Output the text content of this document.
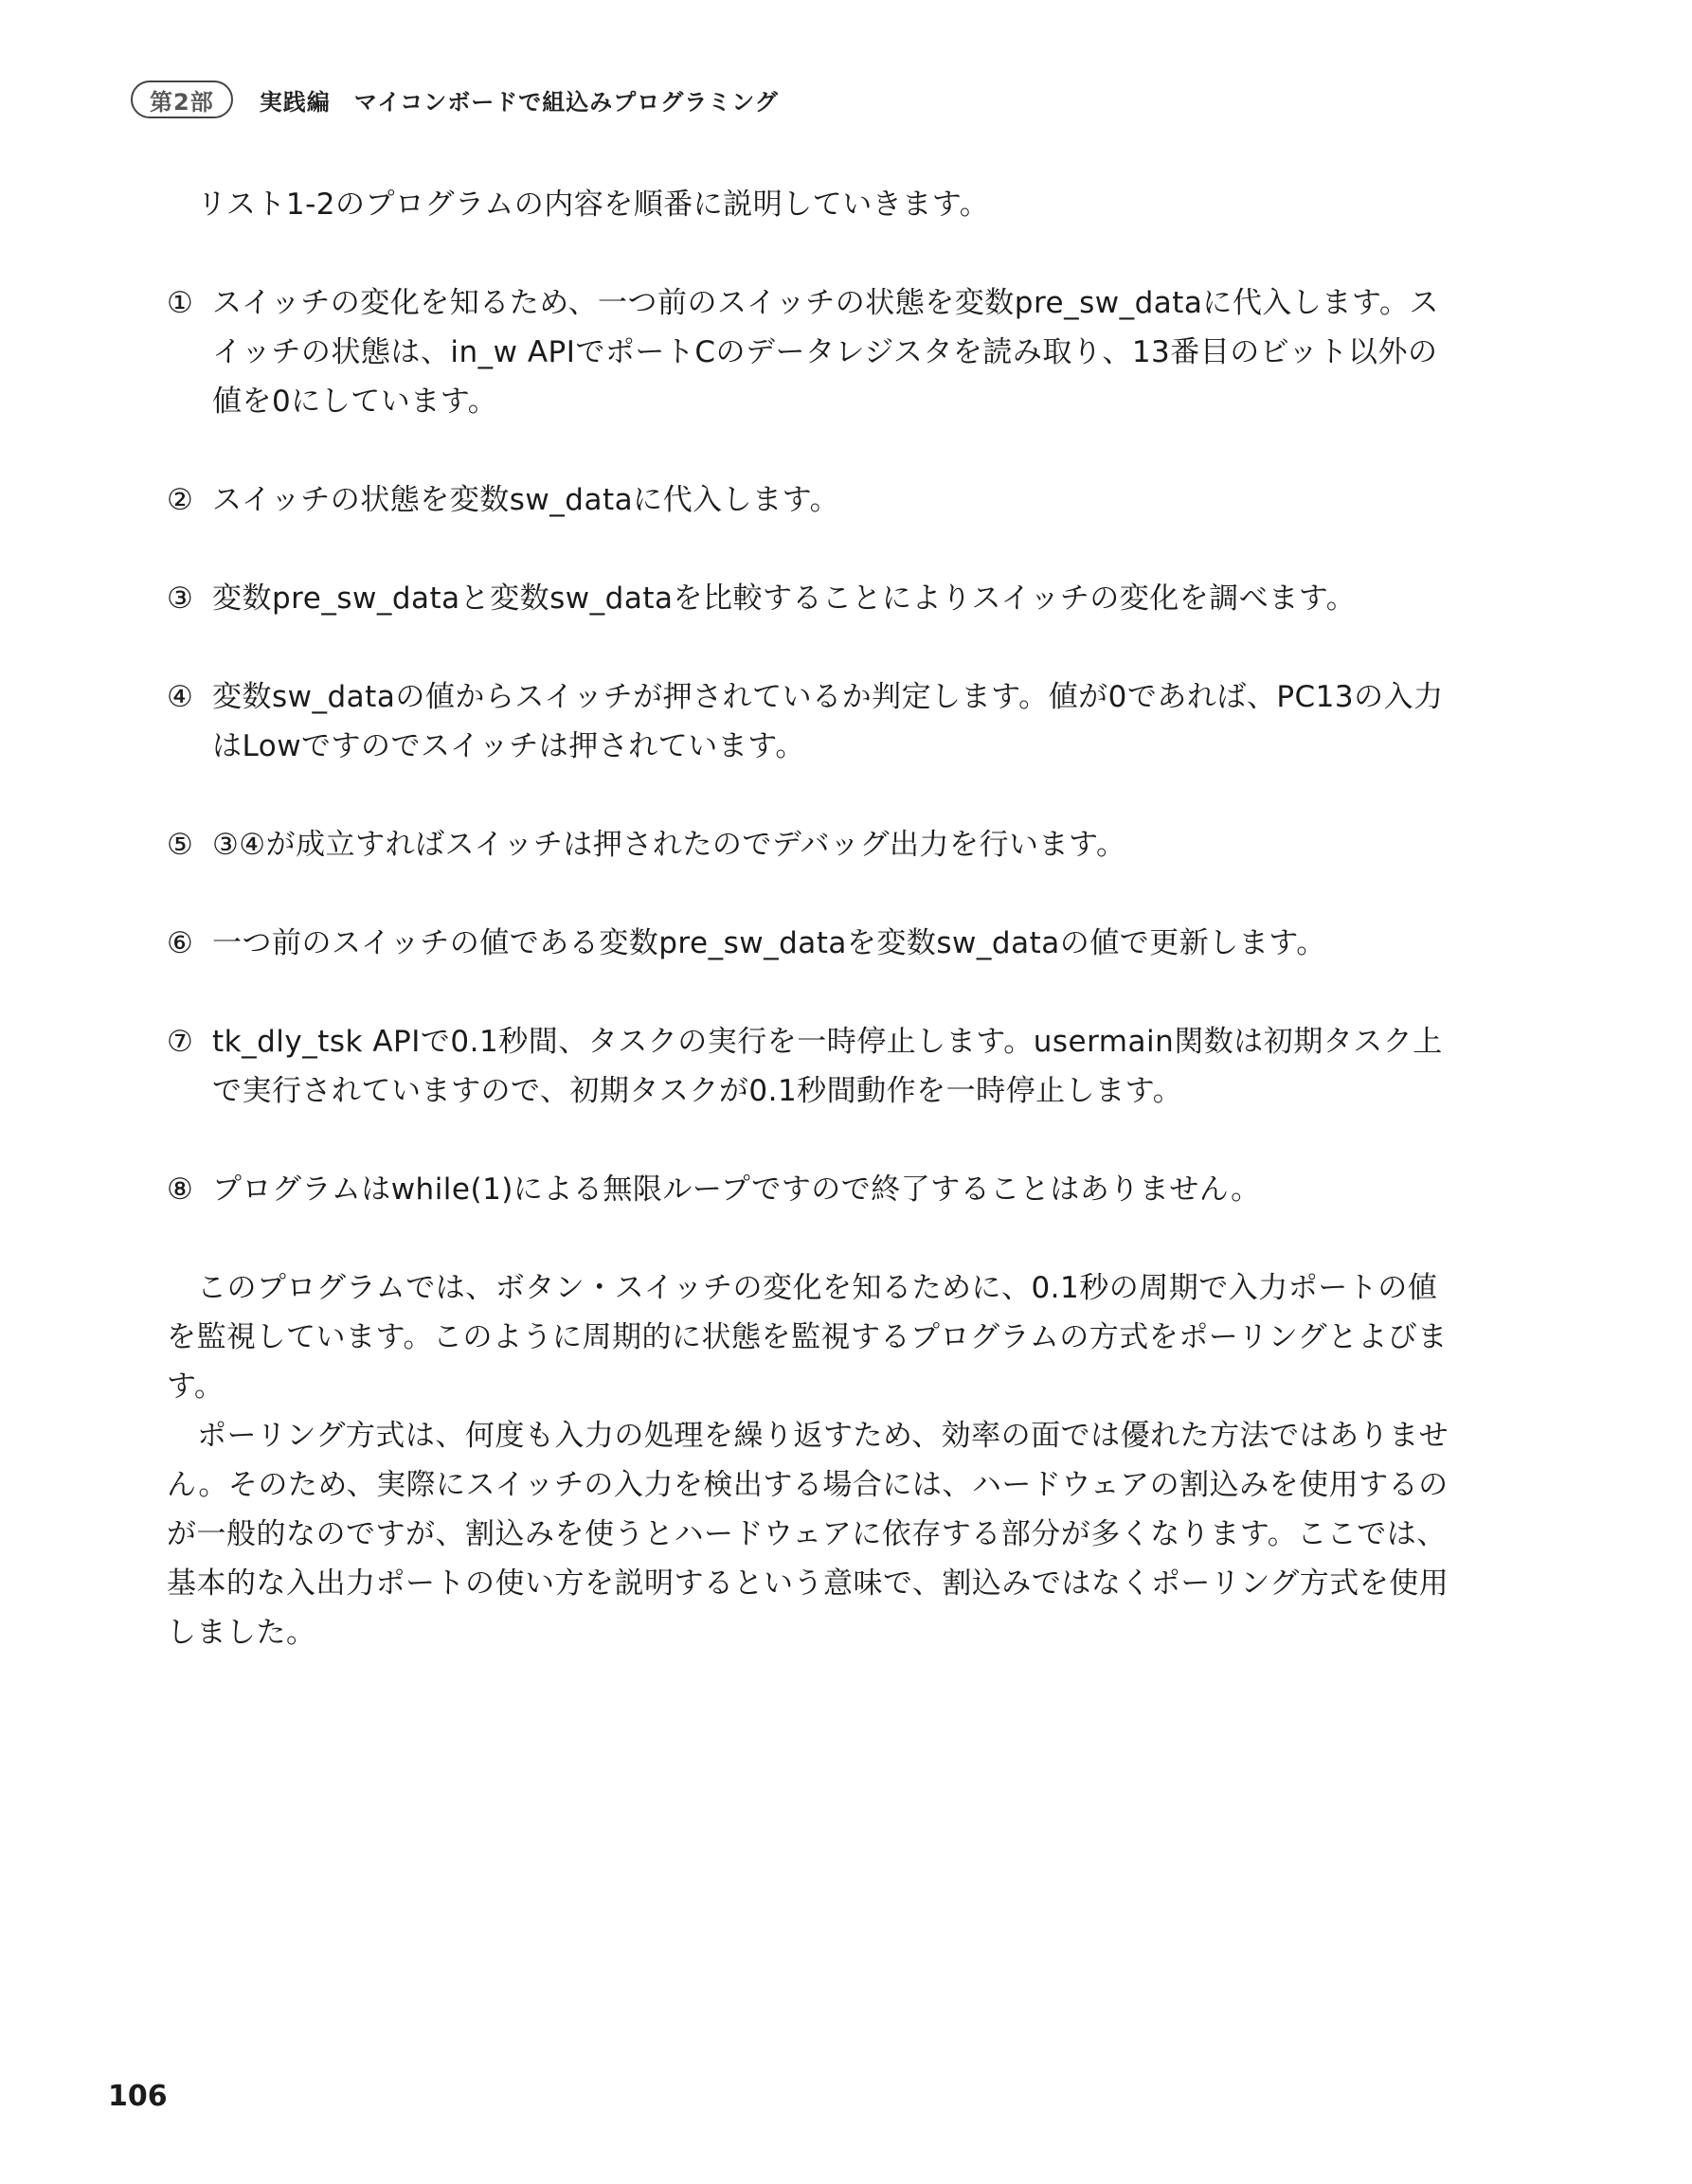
第2部	実践編　マイコンボードで組込みプログラミング

リスト1-2のプログラムの内容を順番に説明していきます。

① スイッチの変化を知るため、一つ前のスイッチの状態を変数pre_sw_dataに代入します。スイッチの状態は、in_w APIでポートCのデータレジスタを読み取り、13番目のビット以外の値を0にしています。
② スイッチの状態を変数sw_dataに代入します。
③ 変数pre_sw_dataと変数sw_dataを比較することによりスイッチの変化を調べます。
④ 変数sw_dataの値からスイッチが押されているか判定します。値が0であれば、PC13の入力はLowですのでスイッチは押されています。
⑤ ③④が成立すればスイッチは押されたのでデバッグ出力を行います。
⑥ 一つ前のスイッチの値である変数pre_sw_dataを変数sw_dataの値で更新します。
⑦ tk_dly_tsk APIで0.1秒間、タスクの実行を一時停止します。usermain関数は初期タスク上で実行されていますので、初期タスクが0.1秒間動作を一時停止します。
⑧ プログラムはwhile(1)による無限ループですので終了することはありません。

このプログラムでは、ボタン・スイッチの変化を知るために、0.1秒の周期で入力ポートの値を監視しています。このように周期的に状態を監視するプログラムの方式をポーリングとよびます。

ポーリング方式は、何度も入力の処理を繰り返すため、効率の面では優れた方法ではありません。そのため、実際にスイッチの入力を検出する場合には、ハードウェアの割込みを使用するのが一般的なのですが、割込みを使うとハードウェアに依存する部分が多くなります。ここでは、基本的な入出力ポートの使い方を説明するという意味で、割込みではなくポーリング方式を使用しました。

106
